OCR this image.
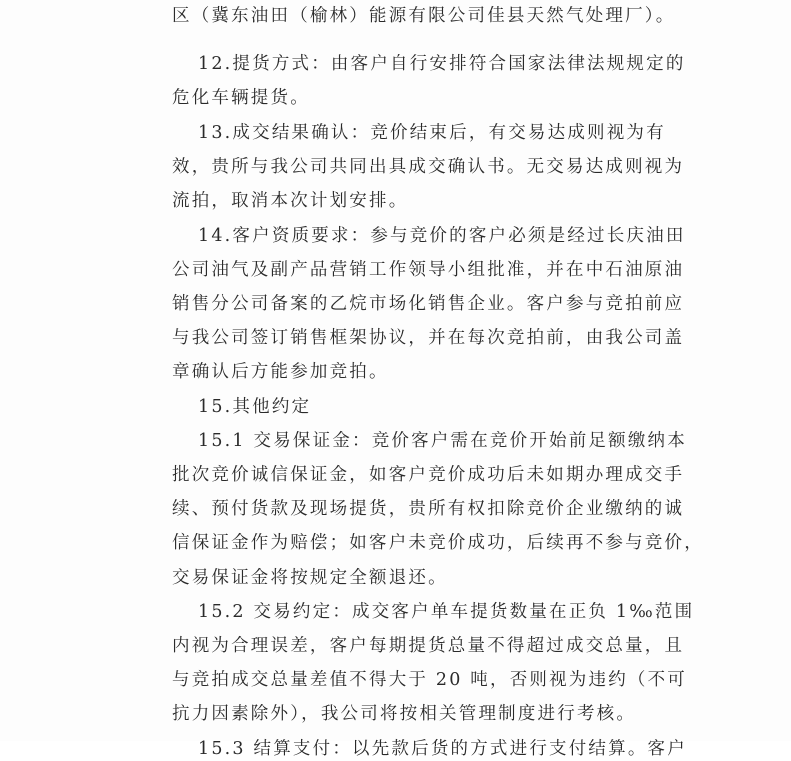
区（冀东油田（榆林）能源有限公司佳县天然气处理厂）。
12.提货方式：由客户自行安排符合国家法律法规规定的
危化车辆提货。
13.成交结果确认：竞价结束后，有交易达成则视为有
效，贵所与我公司共同出具成交确认书。无交易达成则视为
流拍，取消本次计划安排。
14.客户资质要求：参与竞价的客户必须是经过长庆油田
公司油气及副产品营销工作领导小组批准，并在中石油原油
销售分公司备案的乙烷市场化销售企业。客户参与竞拍前应
与我公司签订销售框架协议，并在每次竞拍前，由我公司盖
章确认后方能参加竞拍。
15.其他约定
15.1 交易保证金：竞价客户需在竞价开始前足额缴纳本
批次竞价诚信保证金，如客户竞价成功后未如期办理成交手
续、预付货款及现场提货，贵所有权扣除竞价企业缴纳的诚
信保证金作为赔偿；如客户未竞价成功，后续再不参与竞价，
交易保证金将按规定全额退还。
15.2 交易约定：成交客户单车提货数量在正负 1‰范围
内视为合理误差，客户每期提货总量不得超过成交总量，且
与竞拍成交总量差值不得大于 20 吨，否则视为违约（不可
抗力因素除外），我公司将按相关管理制度进行考核。
15.3 结算支付：以先款后货的方式进行支付结算。客户
